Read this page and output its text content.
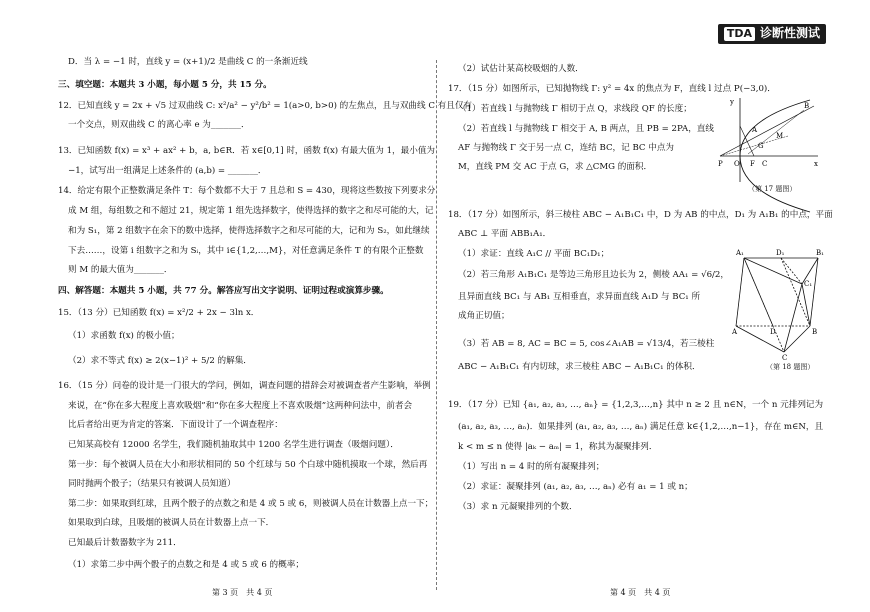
TDA 诊断性测试

D．当 λ = −1 时，直线 y = (x+1)/2 是曲线 C 的一条渐近线

三、填空题：本题共 3 小题，每小题 5 分，共 15 分。

12．已知直线 y = 2x + √5 过双曲线 C: x²/a² − y²/b² = 1(a>0, b>0) 的左焦点，且与双曲线 C 有且仅有

一个交点，则双曲线 C 的离心率 e 为_______．

13．已知函数 f(x) = x³ + ax² + b，a, b∈R．若 x∈[0,1] 时，函数 f(x) 有最大值为 1，最小值为

−1，试写出一组满足上述条件的 (a,b) = _______．

14．给定有限个正整数满足条件 T：每个数都不大于 7 且总和 S = 430，现将这些数按下列要求分

成 M 组，每组数之和不超过 21，规定第 1 组先选择数字，使得选择的数字之和尽可能的大，记

和为 S₁，第 2 组数字在余下的数中选择，使得选择数字之和尽可能的大，记和为 S₂，如此继续

下去……，设第 i 组数字之和为 Sᵢ，其中 i∈{1,2,…,M}，对任意满足条件 T 的有限个正整数

则 M 的最大值为_______．

四、解答题：本题共 5 小题，共 77 分。解答应写出文字说明、证明过程或演算步骤。

15．（13 分）已知函数 f(x) = x²/2 + 2x − 3ln x．

（1）求函数 f(x) 的极小值；

（2）求不等式 f(x) ≥ 2(x−1)² + 5/2 的解集．

16．（15 分）问卷的设计是一门很大的学问，例如，调查问题的措辞会对被调查者产生影响，举例

来说，在“你在多大程度上喜欢吸烟”和“你在多大程度上不喜欢吸烟”这两种问法中，前者会

比后者给出更为肯定的答案．下面设计了一个调查程序：

已知某高校有 12000 名学生，我们随机抽取其中 1200 名学生进行调查（吸烟问题）．

第一步：每个被调人员在大小和形状相同的 50 个红球与 50 个白球中随机摸取一个球，然后再

同时抛两个骰子；（结果只有被调人员知道）

第二步：如果取到红球，且两个骰子的点数之和是 4 或 5 或 6，则被调人员在计数器上点一下；

如果取到白球，且吸烟的被调人员在计数器上点一下．

已知最后计数器数字为 211．

（1）求第二步中两个骰子的点数之和是 4 或 5 或 6 的概率；

第 3 页　共 4 页

（2）试估计某高校吸烟的人数．

17．（15 分）如图所示，已知抛物线 Γ: y² = 4x 的焦点为 F，直线 l 过点 P(−3,0)．

（1）若直线 l 与抛物线 Γ 相切于点 Q，求线段 QF 的长度；

（2）若直线 l 与抛物线 Γ 相交于 A, B 两点，且 PB = 2PA，直线

AF 与抛物线 Γ 交于另一点 C，连结 BC，记 BC 中点为

M，直线 PM 交 AC 于点 G，求 △CMG 的面积．

18．（17 分）如图所示，斜三棱柱 ABC − A₁B₁C₁ 中，D 为 AB 的中点，D₁ 为 A₁B₁ 的中点，平面

ABC ⊥ 平面 ABB₁A₁．

（1）求证：直线 A₁C // 平面 BC₁D₁；

（2）若三角形 A₁B₁C₁ 是等边三角形且边长为 2，侧棱 AA₁ = √6/2，

且异面直线 BC₁ 与 AB₁ 互相垂直，求异面直线 A₁D 与 BC₁ 所

成角正切值；

（3）若 AB = 8, AC = BC = 5, cos∠A₁AB = √13/4，若三棱柱

ABC − A₁B₁C₁ 有内切球，求三棱柱 ABC − A₁B₁C₁ 的体积．

19．（17 分）已知 {a₁, a₂, a₃, …, aₙ} = {1,2,3,…,n} 其中 n ≥ 2 且 n∈N，一个 n 元排列记为

(a₁, a₂, a₃, …, aₙ)．如果排列 (a₁, a₂, a₃, …, aₙ) 满足任意 k∈{1,2,…,n−1}，存在 m∈N，且

k < m ≤ n 使得 |aₖ − aₘ| = 1，称其为凝聚排列．

（1）写出 n = 4 时的所有凝聚排列；

（2）求证：凝聚排列 (a₁, a₂, a₃, …, aₙ) 必有 a₁ = 1 或 n；

（3）求 n 元凝聚排列的个数．

第 4 页　共 4 页
y	B
A
M
G
P O F C	x
（第 17 题图）
A₁	D₁	B₁
C₁
A	D	B
C
（第 18 题图）
